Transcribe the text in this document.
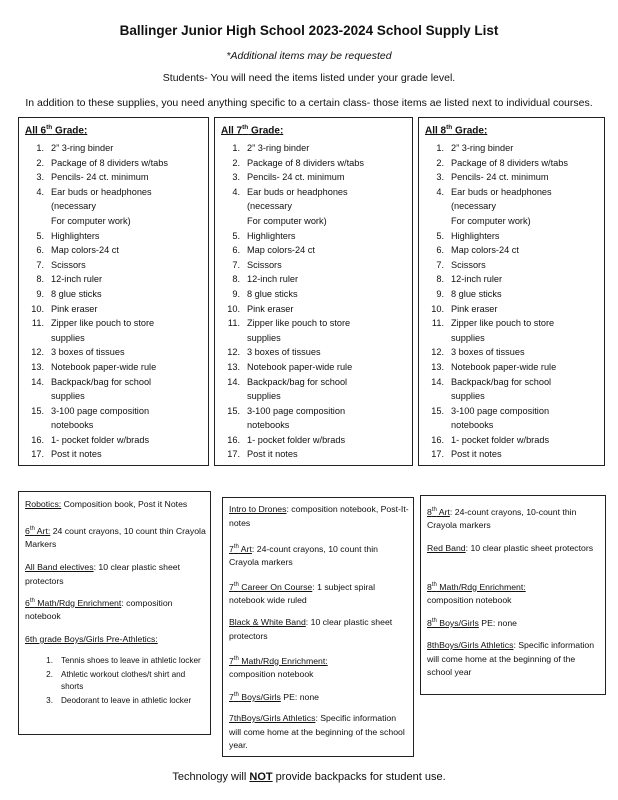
Ballinger Junior High School 2023-2024 School Supply List
*Additional items may be requested
Students- You will need the items listed under your grade level.
In addition to these supplies, you need anything specific to a certain class- those items ae listed next to individual courses.
All 6th Grade:
1. 2” 3-ring binder
2. Package of 8 dividers w/tabs
3. Pencils- 24 ct. minimum
4. Ear buds or headphones
(necessary
For computer work)
5. Highlighters
6. Map colors-24 ct
7. Scissors
8. 12-inch ruler
9. 8 glue sticks
10. Pink eraser
11. Zipper like pouch to store
supplies
12. 3 boxes of tissues
13. Notebook paper-wide rule
14. Backpack/bag for school
supplies
15. 3-100 page composition
notebooks
16. 1- pocket folder w/brads
17. Post it notes
All 7th Grade:
1. 2” 3-ring binder
2. Package of 8 dividers w/tabs
3. Pencils- 24 ct. minimum
4. Ear buds or headphones
(necessary
For computer work)
5. Highlighters
6. Map colors-24 ct
7. Scissors
8. 12-inch ruler
9. 8 glue sticks
10. Pink eraser
11. Zipper like pouch to store
supplies
12. 3 boxes of tissues
13. Notebook paper-wide rule
14. Backpack/bag for school
supplies
15. 3-100 page composition
notebooks
16. 1- pocket folder w/brads
17. Post it notes
All 8th Grade:
1. 2” 3-ring binder
2. Package of 8 dividers w/tabs
3. Pencils- 24 ct. minimum
4. Ear buds or headphones
(necessary
For computer work)
5. Highlighters
6. Map colors-24 ct
7. Scissors
8. 12-inch ruler
9. 8 glue sticks
10. Pink eraser
11. Zipper like pouch to store
supplies
12. 3 boxes of tissues
13. Notebook paper-wide rule
14. Backpack/bag for school
supplies
15. 3-100 page composition
notebooks
16. 1- pocket folder w/brads
17. Post it notes
Robotics: Composition book, Post it Notes
6th Art: 24 count crayons, 10 count thin Crayola Markers
All Band electives: 10 clear plastic sheet protectors
6th Math/Rdg Enrichment: composition notebook
6th grade Boys/Girls Pre-Athletics:
1. Tennis shoes to leave in athletic locker
2. Athletic workout clothes/t shirt and shorts
3. Deodorant to leave in athletic locker
Intro to Drones: composition notebook, Post-It-notes
7th Art: 24-count crayons, 10 count thin Crayola markers
7th Career On Course: 1 subject spiral notebook wide ruled
Black & White Band: 10 clear plastic sheet protectors
7th Math/Rdg Enrichment:
composition notebook
7th Boys/Girls PE: none
7thBoys/Girls Athletics: Specific information will come home at the beginning of the school year.
8th Art: 24-count crayons, 10-count thin Crayola markers
Red Band: 10 clear plastic sheet protectors
8th Math/Rdg Enrichment:
composition notebook
8th Boys/Girls PE: none
8thBoys/Girls Athletics: Specific information will come home at the beginning of the school year
Technology will NOT provide backpacks for student use.
